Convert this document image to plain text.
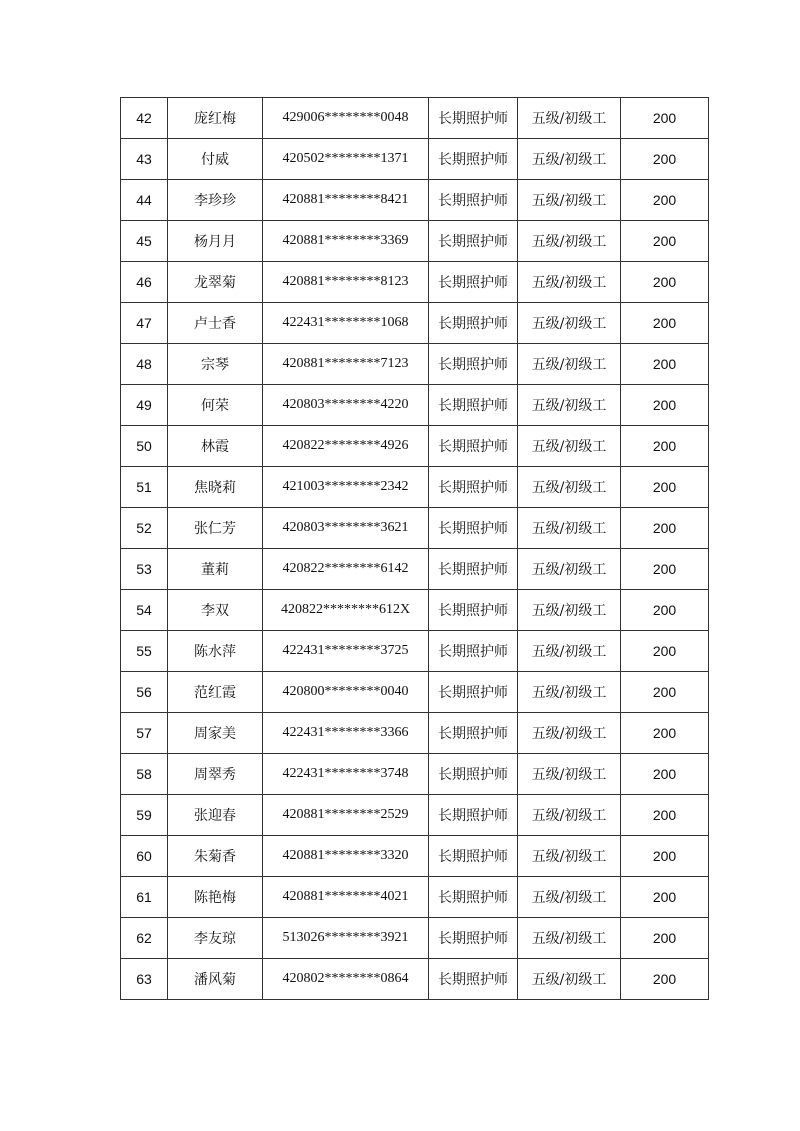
42	庞红梅	429006********0048	长期照护师	五级/初级工	200
43	付威	420502********1371	长期照护师	五级/初级工	200
44	李珍珍	420881********8421	长期照护师	五级/初级工	200
45	杨月月	420881********3369	长期照护师	五级/初级工	200
46	龙翠菊	420881********8123	长期照护师	五级/初级工	200
47	卢士香	422431********1068	长期照护师	五级/初级工	200
48	宗琴	420881********7123	长期照护师	五级/初级工	200
49	何荣	420803********4220	长期照护师	五级/初级工	200
50	林霞	420822********4926	长期照护师	五级/初级工	200
51	焦晓莉	421003********2342	长期照护师	五级/初级工	200
52	张仁芳	420803********3621	长期照护师	五级/初级工	200
53	董莉	420822********6142	长期照护师	五级/初级工	200
54	李双	420822********612X	长期照护师	五级/初级工	200
55	陈水萍	422431********3725	长期照护师	五级/初级工	200
56	范红霞	420800********0040	长期照护师	五级/初级工	200
57	周家美	422431********3366	长期照护师	五级/初级工	200
58	周翠秀	422431********3748	长期照护师	五级/初级工	200
59	张迎春	420881********2529	长期照护师	五级/初级工	200
60	朱菊香	420881********3320	长期照护师	五级/初级工	200
61	陈艳梅	420881********4021	长期照护师	五级/初级工	200
62	李友琼	513026********3921	长期照护师	五级/初级工	200
63	潘风菊	420802********0864	长期照护师	五级/初级工	200
